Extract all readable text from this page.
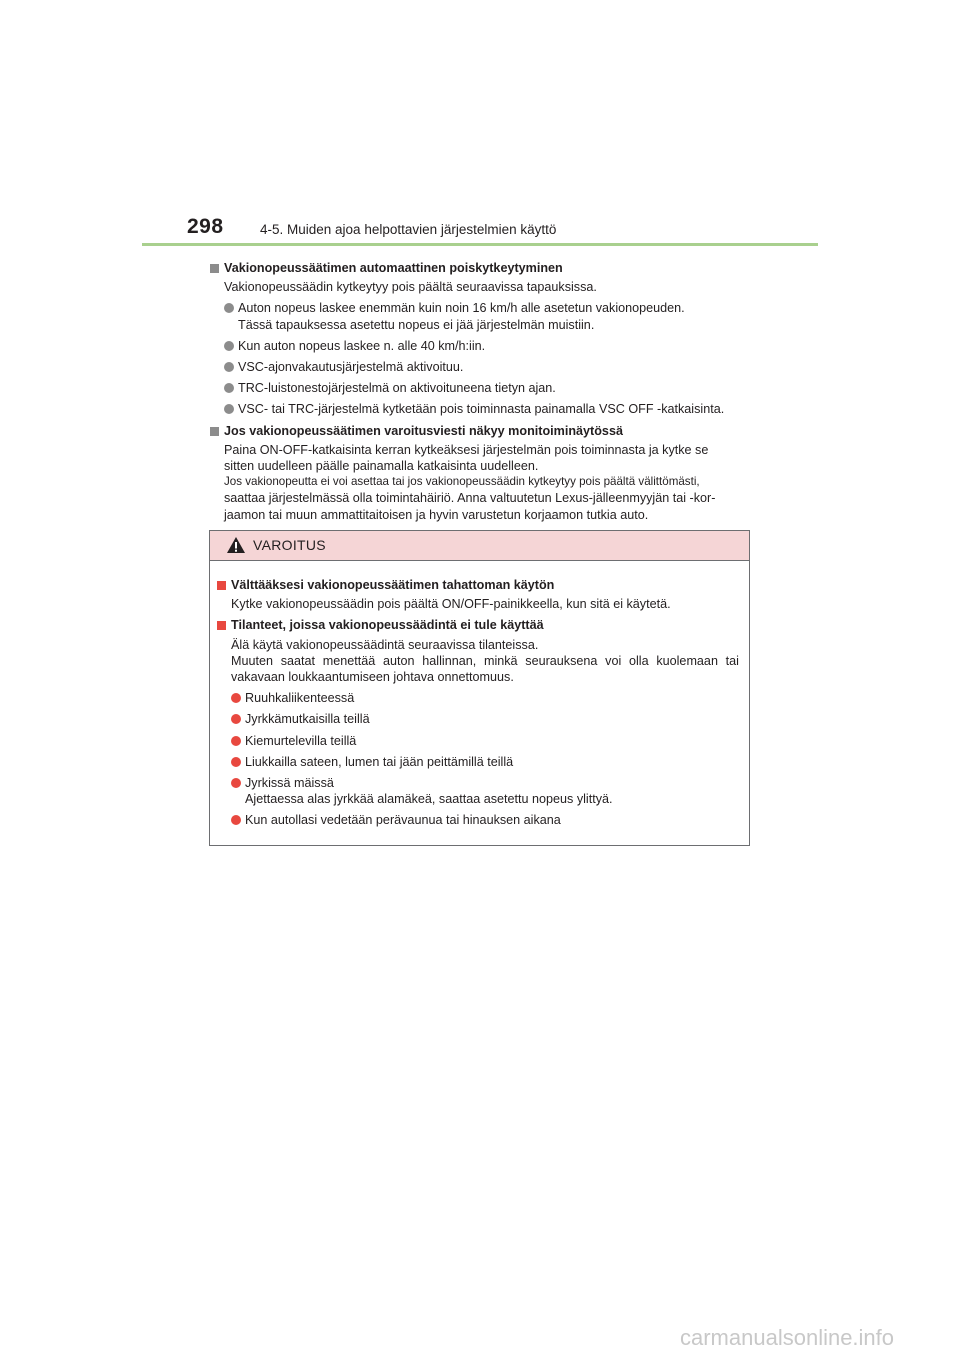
298	4-5. Muiden ajoa helpottavien järjestelmien käyttö
Vakionopeussäätimen automaattinen poiskytkeytyminen
Vakionopeussäädin kytkeytyy pois päältä seuraavissa tapauksissa.
Auton nopeus laskee enemmän kuin noin 16 km/h alle asetetun vakionopeuden.
Tässä tapauksessa asetettu nopeus ei jää järjestelmän muistiin.
Kun auton nopeus laskee n. alle 40 km/h:iin.
VSC-ajonvakautusjärjestelmä aktivoituu.
TRC-luistonestojärjestelmä on aktivoituneena tietyn ajan.
VSC- tai TRC-järjestelmä kytketään pois toiminnasta painamalla VSC OFF -katkaisinta.
Jos vakionopeussäätimen varoitusviesti näkyy monitoiminäytössä
Paina ON-OFF-katkaisinta kerran kytkeäksesi järjestelmän pois toiminnasta ja kytke se
sitten uudelleen päälle painamalla katkaisinta uudelleen.
Jos vakionopeutta ei voi asettaa tai jos vakionopeussäädin kytkeytyy pois päältä välittömästi,
saattaa järjestelmässä olla toimintahäiriö. Anna valtuutetun Lexus-jälleenmyyjän tai -kor-
jaamon tai muun ammattitaitoisen ja hyvin varustetun korjaamon tutkia auto.
VAROITUS
Välttääksesi vakionopeussäätimen tahattoman käytön
Kytke vakionopeussäädin pois päältä ON/OFF-painikkeella, kun sitä ei käytetä.
Tilanteet, joissa vakionopeussäädintä ei tule käyttää
Älä käytä vakionopeussäädintä seuraavissa tilanteissa.
Muuten saatat menettää auton hallinnan, minkä seurauksena voi olla kuolemaan tai
vakavaan loukkaantumiseen johtava onnettomuus.
Ruuhkaliikenteessä
Jyrkkämutkaisilla teillä
Kiemurtelevilla teillä
Liukkailla sateen, lumen tai jään peittämillä teillä
Jyrkissä mäissä
Ajettaessa alas jyrkkää alamäkeä, saattaa asetettu nopeus ylittyä.
Kun autollasi vedetään perävaunua tai hinauksen aikana
carmanualsonline.info
